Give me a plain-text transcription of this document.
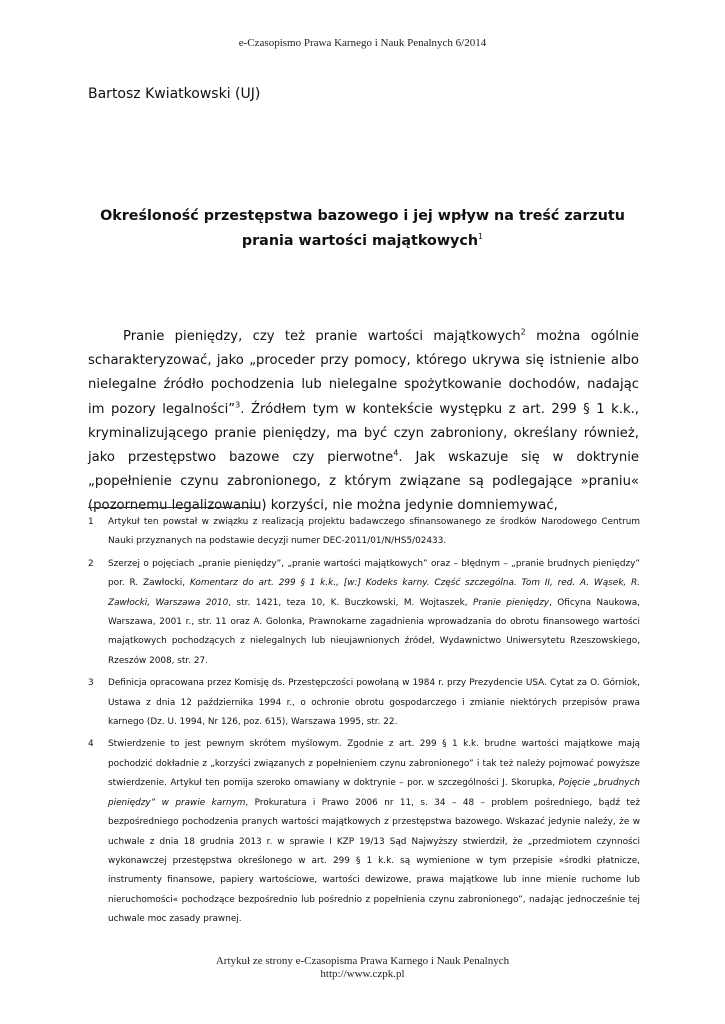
e-Czasopismo Prawa Karnego i Nauk Penalnych 6/2014
Bartosz Kwiatkowski (UJ)
Określoność przestępstwa bazowego i jej wpływ na treść zarzutu prania wartości majątkowych$^1$

Pranie pieniędzy, czy też pranie wartości majątkowych$^2$ można ogólnie scharakteryzować, jako „proceder przy pomocy, którego ukrywa się istnienie albo nielegalne źródło pochodzenia lub nielegalne spożytkowanie dochodów, nadając im pozory legalności”$^3$. Źródłem tym w kontekście występku z art. 299 § 1 k.k., kryminalizującego pranie pieniędzy, ma być czyn zabroniony, określany również, jako przestępstwo bazowe czy pierwotne$^4$. Jak wskazuje się w doktrynie „popełnienie czynu zabronionego, z którym związane są podlegające »praniu« (pozornemu legalizowaniu) korzyści, nie można jedynie domniemywać,

1	Artykuł ten powstał w związku z realizacją projektu badawczego sfinansowanego ze środków Narodowego Centrum Nauki przyznanych na podstawie decyzji numer DEC-2011/01/N/HS5/02433.
2	Szerzej o pojęciach „pranie pieniędzy”, „pranie wartości majątkowych” oraz – błędnym – „pranie brudnych pieniędzy” por. R. Zawłocki, Komentarz do art. 299 § 1 k.k., [w:] Kodeks karny. Część szczególna. Tom II, red. A. Wąsek, R. Zawłocki, Warszawa 2010, str. 1421, teza 10, K. Buczkowski, M. Wojtaszek, Pranie pieniędzy, Oficyna Naukowa, Warszawa, 2001 r., str. 11 oraz A. Golonka, Prawnokarne zagadnienia wprowadzania do obrotu finansowego wartości majątkowych pochodzących z nielegalnych lub nieujawnionych źródeł, Wydawnictwo Uniwersytetu Rzeszowskiego, Rzeszów 2008, str. 27.
3	Definicja opracowana przez Komisję ds. Przestępczości powołaną w 1984 r. przy Prezydencie USA. Cytat za O. Górniok, Ustawa z dnia 12 października 1994 r., o ochronie obrotu gospodarczego i zmianie niektórych przepisów prawa karnego (Dz. U. 1994, Nr 126, poz. 615), Warszawa 1995, str. 22.
4	Stwierdzenie to jest pewnym skrótem myślowym. Zgodnie z art. 299 § 1 k.k. brudne wartości majątkowe mają pochodzić dokładnie z „korzyści związanych z popełnieniem czynu zabronionego” i tak też należy pojmować powyższe stwierdzenie. Artykuł ten pomija szeroko omawiany w doktrynie – por. w szczególności J. Skorupka, Pojęcie „brudnych pieniędzy” w prawie karnym, Prokuratura i Prawo 2006 nr 11, s. 34 – 48 – problem pośredniego, bądź też bezpośredniego pochodzenia pranych wartości majątkowych z przestępstwa bazowego. Wskazać jedynie należy, że w uchwale z dnia 18 grudnia 2013 r. w sprawie I KZP 19/13 Sąd Najwyższy stwierdził, że „przedmiotem czynności wykonawczej przestępstwa określonego w art. 299 § 1 k.k. są wymienione w tym przepisie »środki płatnicze, instrumenty finansowe, papiery wartościowe, wartości dewizowe, prawa majątkowe lub inne mienie ruchome lub nieruchomości« pochodzące bezpośrednio lub pośrednio z popełnienia czynu zabronionego”, nadając jednocześnie tej uchwale moc zasady prawnej.
Artykuł ze strony e-Czasopisma Prawa Karnego i Nauk Penalnych
http://www.czpk.pl
